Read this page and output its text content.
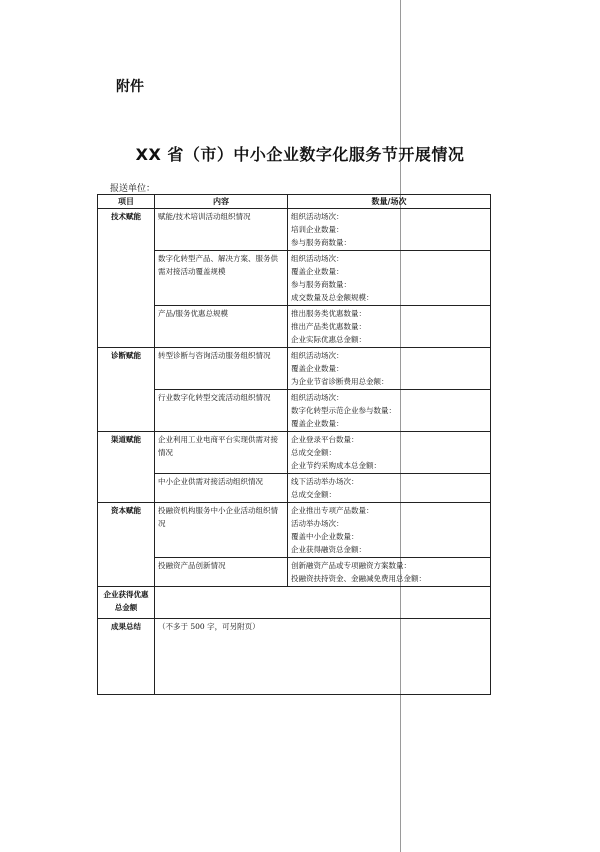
附件
XX 省（市）中小企业数字化服务节开展情况
报送单位：
项目	内容	数量/场次
技术赋能	赋能/技术培训活动组织情况	组织活动场次：
培训企业数量：
参与服务商数量：

	数字化转型产品、解决方案、服务供需对接活动覆盖规模	组织活动场次：
覆盖企业数量：
参与服务商数量：
成交数量及总金额规模：

	产品/服务优惠总规模	推出服务类优惠数量：
推出产品类优惠数量：
企业实际优惠总金额：

诊断赋能	转型诊断与咨询活动服务组织情况	组织活动场次：
覆盖企业数量：
为企业节省诊断费用总金额：

	行业数字化转型交流活动组织情况	组织活动场次：
数字化转型示范企业参与数量：
覆盖企业数量：

渠道赋能	企业利用工业电商平台实现供需对接情况	企业登录平台数量：
总成交金额：
企业节约采购成本总金额：

	中小企业供需对接活动组织情况	线下活动举办场次：
总成交金额：

资本赋能	投融资机构服务中小企业活动组织情况	企业推出专项产品数量：
活动举办场次：
覆盖中小企业数量：
企业获得融资总金额：

	投融资产品创新情况	创新融资产品或专项融资方案数量：
投融资扶持资金、金融减免费用总金额：

企业获得优惠总金额		
成果总结	（不多于 500 字，可另附页）	
